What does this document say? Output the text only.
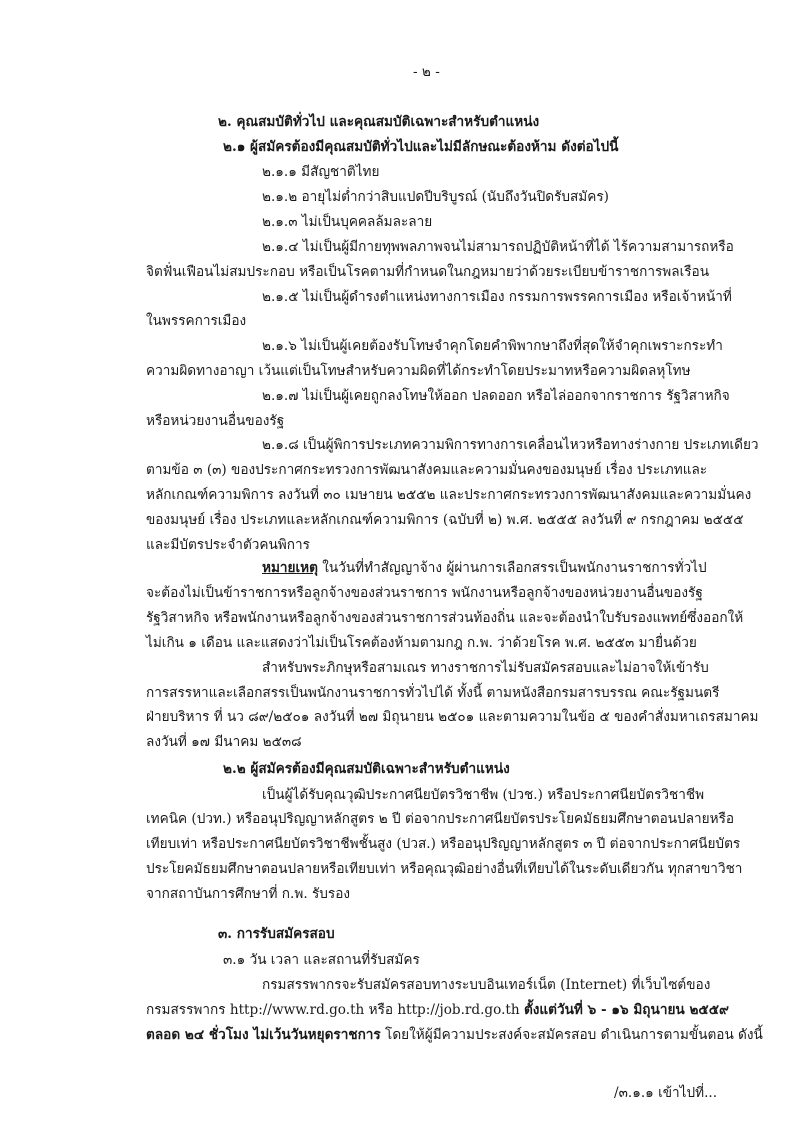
- ๒ -
๒. คุณสมบัติทั่วไป และคุณสมบัติเฉพาะสำหรับตำแหน่ง
๒.๑ ผู้สมัครต้องมีคุณสมบัติทั่วไปและไม่มีลักษณะต้องห้าม ดังต่อไปนี้
๒.๑.๑ มีสัญชาติไทย
๒.๑.๒ อายุไม่ต่ำกว่าสิบแปดปีบริบูรณ์ (นับถึงวันปิดรับสมัคร)
๒.๑.๓ ไม่เป็นบุคคลล้มละลาย
๒.๑.๔ ไม่เป็นผู้มีกายทุพพลภาพจนไม่สามารถปฏิบัติหน้าที่ได้ ไร้ความสามารถหรือ
จิตฟั่นเฟือนไม่สมประกอบ หรือเป็นโรคตามที่กำหนดในกฎหมายว่าด้วยระเบียบข้าราชการพลเรือน
๒.๑.๕ ไม่เป็นผู้ดำรงตำแหน่งทางการเมือง กรรมการพรรคการเมือง หรือเจ้าหน้าที่
ในพรรคการเมือง
๒.๑.๖ ไม่เป็นผู้เคยต้องรับโทษจำคุกโดยคำพิพากษาถึงที่สุดให้จำคุกเพราะกระทำ
ความผิดทางอาญา เว้นแต่เป็นโทษสำหรับความผิดที่ได้กระทำโดยประมาทหรือความผิดลหุโทษ
๒.๑.๗ ไม่เป็นผู้เคยถูกลงโทษให้ออก ปลดออก หรือไล่ออกจากราชการ รัฐวิสาหกิจ
หรือหน่วยงานอื่นของรัฐ
๒.๑.๘ เป็นผู้พิการประเภทความพิการทางการเคลื่อนไหวหรือทางร่างกาย ประเภทเดียว
ตามข้อ ๓ (๓) ของประกาศกระทรวงการพัฒนาสังคมและความมั่นคงของมนุษย์ เรื่อง ประเภทและ
หลักเกณฑ์ความพิการ ลงวันที่ ๓๐ เมษายน ๒๕๕๒ และประกาศกระทรวงการพัฒนาสังคมและความมั่นคง
ของมนุษย์ เรื่อง ประเภทและหลักเกณฑ์ความพิการ (ฉบับที่ ๒) พ.ศ. ๒๕๕๕ ลงวันที่ ๙ กรกฎาคม ๒๕๕๕
และมีบัตรประจำตัวคนพิการ
หมายเหตุ ในวันที่ทำสัญญาจ้าง ผู้ผ่านการเลือกสรรเป็นพนักงานราชการทั่วไป
จะต้องไม่เป็นข้าราชการหรือลูกจ้างของส่วนราชการ พนักงานหรือลูกจ้างของหน่วยงานอื่นของรัฐ
รัฐวิสาหกิจ หรือพนักงานหรือลูกจ้างของส่วนราชการส่วนท้องถิ่น และจะต้องนำใบรับรองแพทย์ซึ่งออกให้
ไม่เกิน ๑ เดือน และแสดงว่าไม่เป็นโรคต้องห้ามตามกฎ ก.พ. ว่าด้วยโรค พ.ศ. ๒๕๕๓ มายื่นด้วย
สำหรับพระภิกษุหรือสามเณร ทางราชการไม่รับสมัครสอบและไม่อาจให้เข้ารับ
การสรรหาและเลือกสรรเป็นพนักงานราชการทั่วไปได้ ทั้งนี้ ตามหนังสือกรมสารบรรณ คณะรัฐมนตรี
ฝ่ายบริหาร ที่ นว ๘๙/๒๕๐๑ ลงวันที่ ๒๗ มิถุนายน ๒๕๐๑ และตามความในข้อ ๕ ของคำสั่งมหาเถรสมาคม
ลงวันที่ ๑๗ มีนาคม ๒๕๓๘
๒.๒ ผู้สมัครต้องมีคุณสมบัติเฉพาะสำหรับตำแหน่ง
เป็นผู้ได้รับคุณวุฒิประกาศนียบัตรวิชาชีพ (ปวช.) หรือประกาศนียบัตรวิชาชีพ
เทคนิค (ปวท.) หรืออนุปริญญาหลักสูตร ๒ ปี ต่อจากประกาศนียบัตรประโยคมัธยมศึกษาตอนปลายหรือ
เทียบเท่า หรือประกาศนียบัตรวิชาชีพชั้นสูง (ปวส.) หรืออนุปริญญาหลักสูตร ๓ ปี ต่อจากประกาศนียบัตร
ประโยคมัธยมศึกษาตอนปลายหรือเทียบเท่า หรือคุณวุฒิอย่างอื่นที่เทียบได้ในระดับเดียวกัน ทุกสาขาวิชา
จากสถาบันการศึกษาที่ ก.พ. รับรอง
๓. การรับสมัครสอบ
๓.๑ วัน เวลา และสถานที่รับสมัคร
กรมสรรพากรจะรับสมัครสอบทางระบบอินเทอร์เน็ต (Internet) ที่เว็บไซต์ของ
กรมสรรพากร http://www.rd.go.th หรือ http://job.rd.go.th ตั้งแต่วันที่ ๖ - ๑๖ มิถุนายน ๒๕๕๙
ตลอด ๒๔ ชั่วโมง ไม่เว้นวันหยุดราชการ โดยให้ผู้มีความประสงค์จะสมัครสอบ ดำเนินการตามขั้นตอน ดังนี้
/๓.๑.๑ เข้าไปที่...
